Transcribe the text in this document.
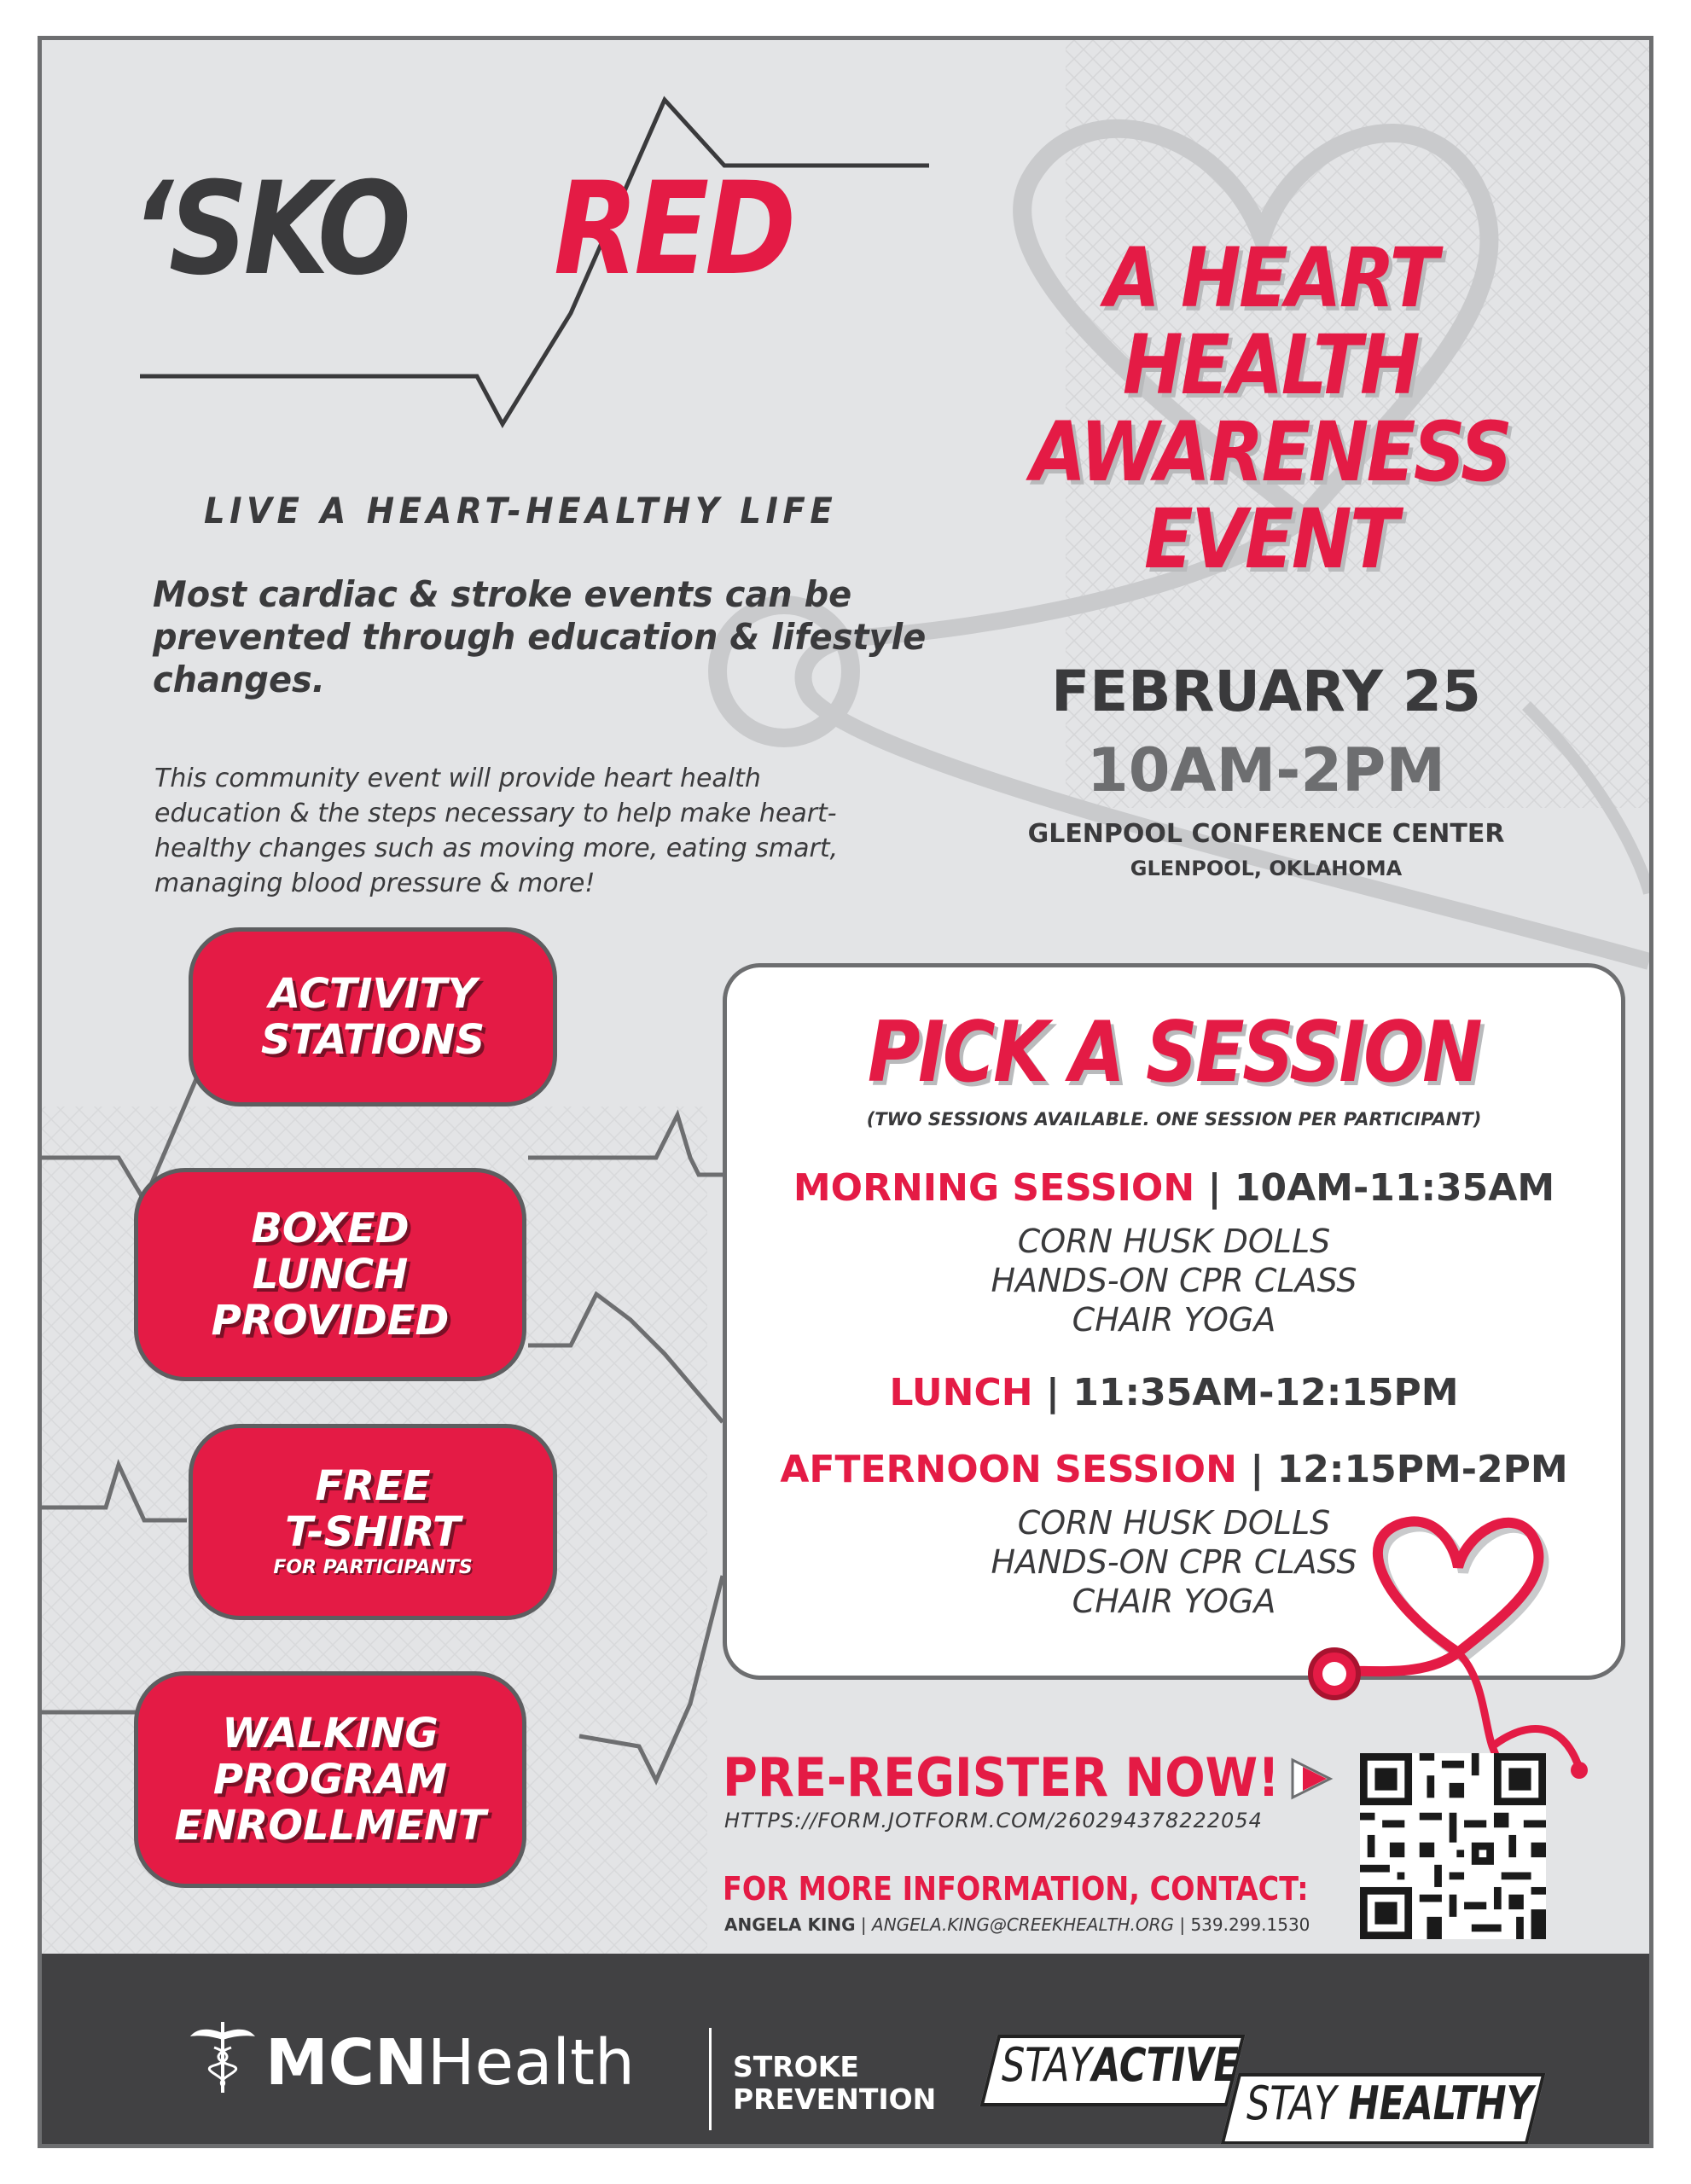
‘SKO RED
LIVE A HEART-HEALTHY LIFE
Most cardiac & stroke events can be prevented through education & lifestyle changes.
This community event will provide heart health education & the steps necessary to help make heart-healthy changes such as moving more, eating smart, managing blood pressure & more!
A HEART
HEALTH
AWARENESS
EVENT
FEBRUARY 25
10AM-2PM
GLENPOOL CONFERENCE CENTER
GLENPOOL, OKLAHOMA
ACTIVITY
STATIONS
BOXED
LUNCH
PROVIDED
FREE
T-SHIRT
FOR PARTICIPANTS
WALKING
PROGRAM
ENROLLMENT
PICK A SESSION
(TWO SESSIONS AVAILABLE. ONE SESSION PER PARTICIPANT)
MORNING SESSION | 10AM-11:35AM
CORN HUSK DOLLS
HANDS-ON CPR CLASS
CHAIR YOGA
LUNCH | 11:35AM-12:15PM
AFTERNOON SESSION | 12:15PM-2PM
CORN HUSK DOLLS
HANDS-ON CPR CLASS
CHAIR YOGA
PRE-REGISTER NOW!
HTTPS://FORM.JOTFORM.COM/260294378222054
FOR MORE INFORMATION, CONTACT:
ANGELA KING | ANGELA.KING@CREEKHEALTH.ORG | 539.299.1530
MCNHealth	STROKE
PREVENTION
STAYACTIVE
STAY HEALTHY
